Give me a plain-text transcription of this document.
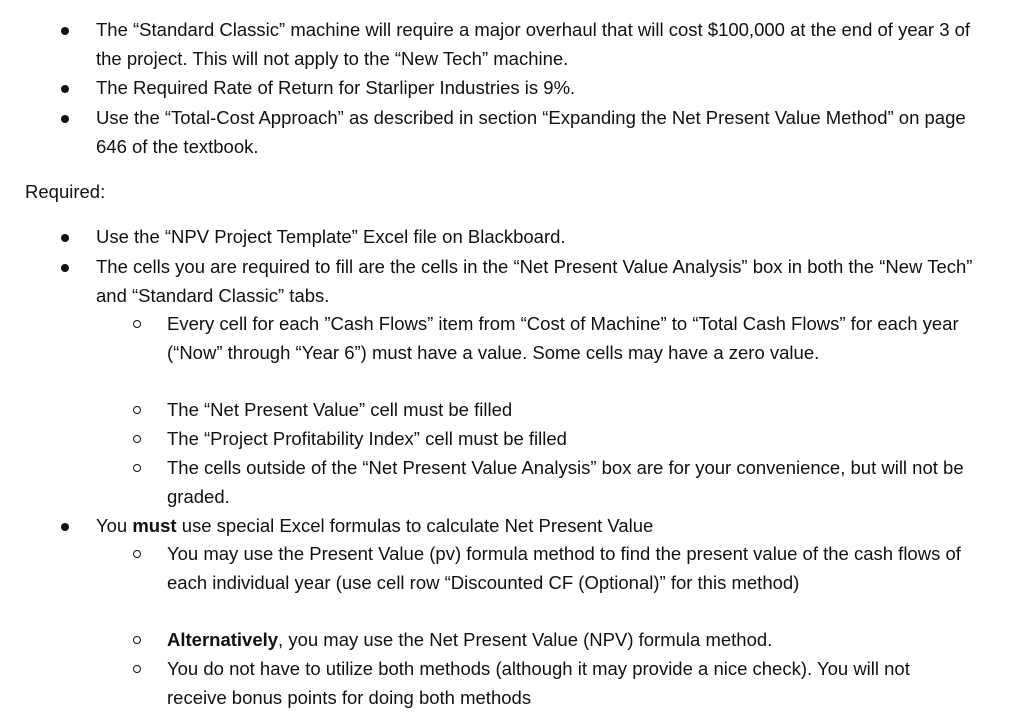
The “Standard Classic” machine will require a major overhaul that will cost $100,000 at the end of year 3 of the project. This will not apply to the “New Tech” machine.
The Required Rate of Return for Starliper Industries is 9%.
Use the “Total-Cost Approach” as described in section “Expanding the Net Present Value Method” on page 646 of the textbook.
Required:
Use the “NPV Project Template” Excel file on Blackboard.
The cells you are required to fill are the cells in the “Net Present Value Analysis” box in both the “New Tech” and “Standard Classic” tabs.
Every cell for each ”Cash Flows” item from “Cost of Machine” to “Total Cash Flows” for each year (“Now” through “Year 6”) must have a value. Some cells may have a zero value.
The “Net Present Value” cell must be filled
The “Project Profitability Index” cell must be filled
The cells outside of the “Net Present Value Analysis” box are for your convenience, but will not be graded.
You must use special Excel formulas to calculate Net Present Value
You may use the Present Value (pv) formula method to find the present value of the cash flows of each individual year (use cell row “Discounted CF (Optional)” for this method)
Alternatively, you may use the Net Present Value (NPV) formula method.
You do not have to utilize both methods (although it may provide a nice check). You will not receive bonus points for doing both methods
